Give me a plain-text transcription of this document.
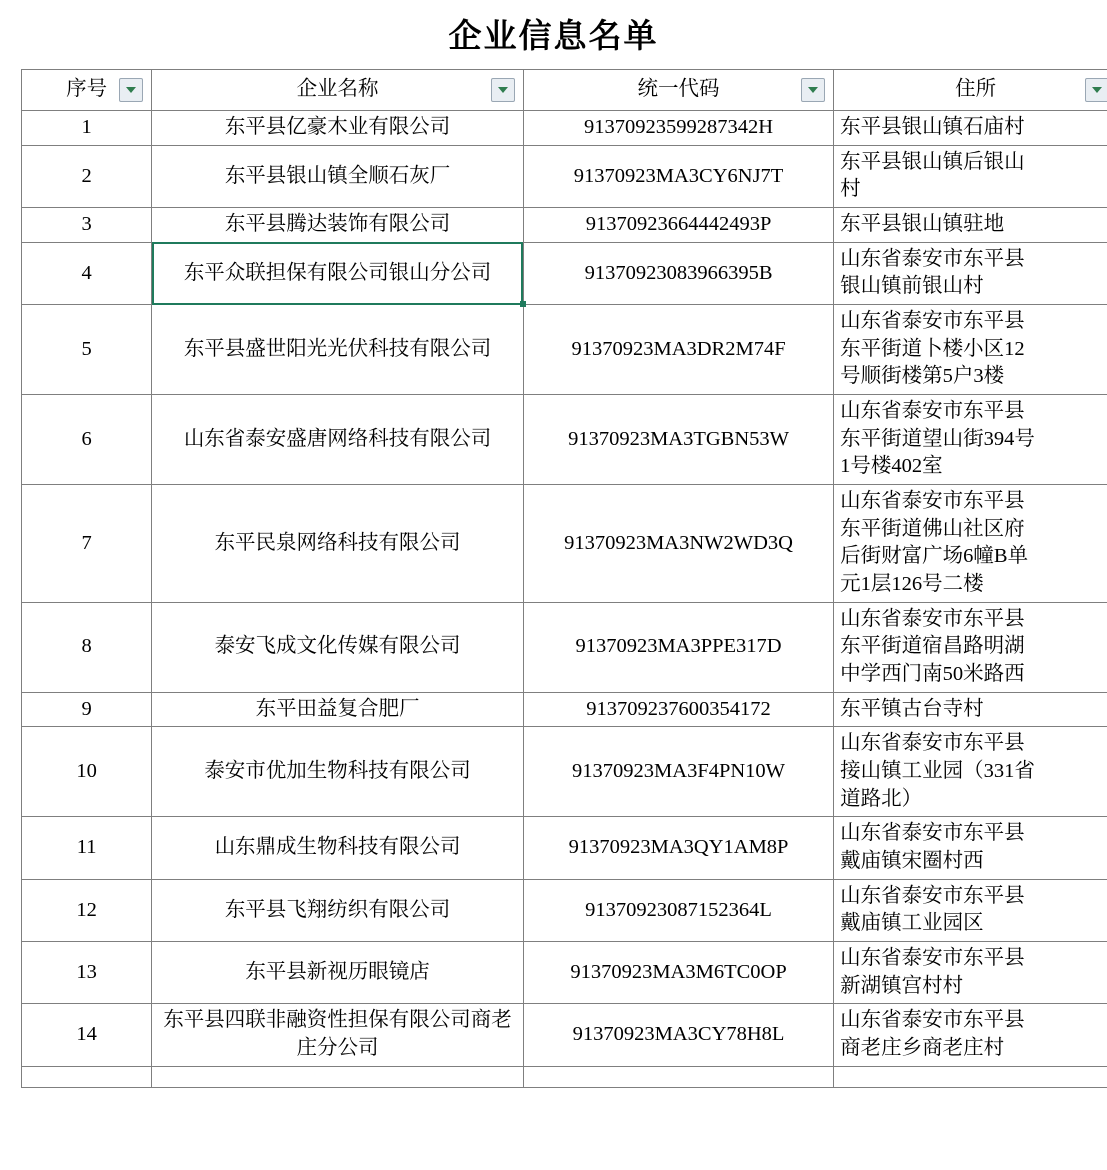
企业信息名单
序号	企业名称	统一代码	住所

1	东平县亿豪木业有限公司	91370923599287342H	东平县银山镇石庙村

2	东平县银山镇全顺石灰厂	91370923MA3CY6NJ7T	东平县银山镇后银山
村

3	东平县腾达装饰有限公司	91370923664442493P	东平县银山镇驻地

4	东平众联担保有限公司银山分公司	91370923083966395B	山东省泰安市东平县
银山镇前银山村

5	东平县盛世阳光光伏科技有限公司	91370923MA3DR2M74F	山东省泰安市东平县
东平街道卜楼小区12
号顺街楼第5户3楼

6	山东省泰安盛唐网络科技有限公司	91370923MA3TGBN53W	山东省泰安市东平县
东平街道望山街394号
1号楼402室

7	东平民泉网络科技有限公司	91370923MA3NW2WD3Q	山东省泰安市东平县
东平街道佛山社区府
后街财富广场6幢B单
元1层126号二楼

8	泰安飞成文化传媒有限公司	91370923MA3PPE317D	山东省泰安市东平县
东平街道宿昌路明湖
中学西门南50米路西

9	东平田益复合肥厂	913709237600354172	东平镇古台寺村

10	泰安市优加生物科技有限公司	91370923MA3F4PN10W	山东省泰安市东平县
接山镇工业园（331省
道路北）

11	山东鼎成生物科技有限公司	91370923MA3QY1AM8P	山东省泰安市东平县
戴庙镇宋圈村西

12	东平县飞翔纺织有限公司	91370923087152364L	山东省泰安市东平县
戴庙镇工业园区

13	东平县新视历眼镜店	91370923MA3M6TC0OP	山东省泰安市东平县
新湖镇宫村村

14	东平县四联非融资性担保有限公司商老庄分公司	91370923MA3CY78H8L	山东省泰安市东平县
商老庄乡商老庄村
